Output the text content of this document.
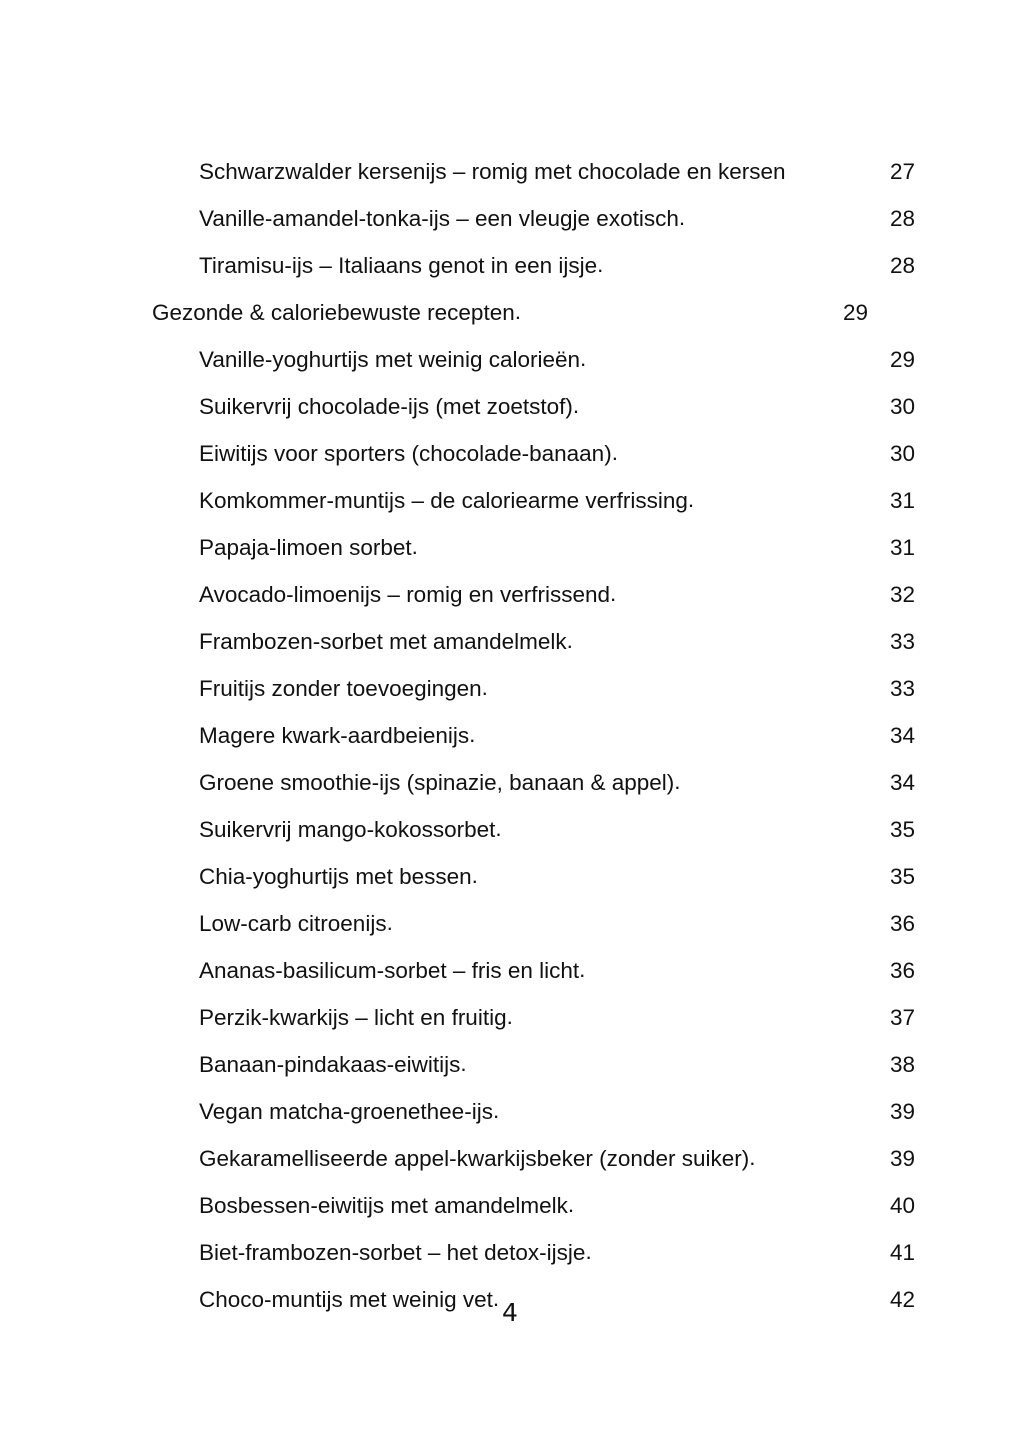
Schwarzwalder kersenijs – romig met chocolade en kersen	27
Vanille-amandel-tonka-ijs – een vleugje exotisch .	28
Tiramisu-ijs – Italiaans genot in een ijsje .	28
Gezonde & caloriebewuste recepten .	29
Vanille-yoghurtijs met weinig calorieën .	29
Suikervrij chocolade-ijs (met zoetstof) .	30
Eiwitijs voor sporters (chocolade-banaan) .	30
Komkommer-muntijs – de caloriearme verfrissing .	31
Papaja-limoen sorbet .	31
Avocado-limoenijs – romig en verfrissend .	32
Frambozen-sorbet met amandelmelk .	33
Fruitijs zonder toevoegingen .	33
Magere kwark-aardbeienijs .	34
Groene smoothie-ijs (spinazie, banaan & appel) .	34
Suikervrij mango-kokossorbet .	35
Chia-yoghurtijs met bessen .	35
Low-carb citroenijs .	36
Ananas-basilicum-sorbet – fris en licht .	36
Perzik-kwarkijs – licht en fruitig .	37
Banaan-pindakaas-eiwitijs .	38
Vegan matcha-groenethee-ijs .	39
Gekaramelliseerde appel-kwarkijsbeker (zonder suiker) .	39
Bosbessen-eiwitijs met amandelmelk .	40
Biet-frambozen-sorbet – het detox-ijsje .	41
Choco-muntijs met weinig vet .	42
4
